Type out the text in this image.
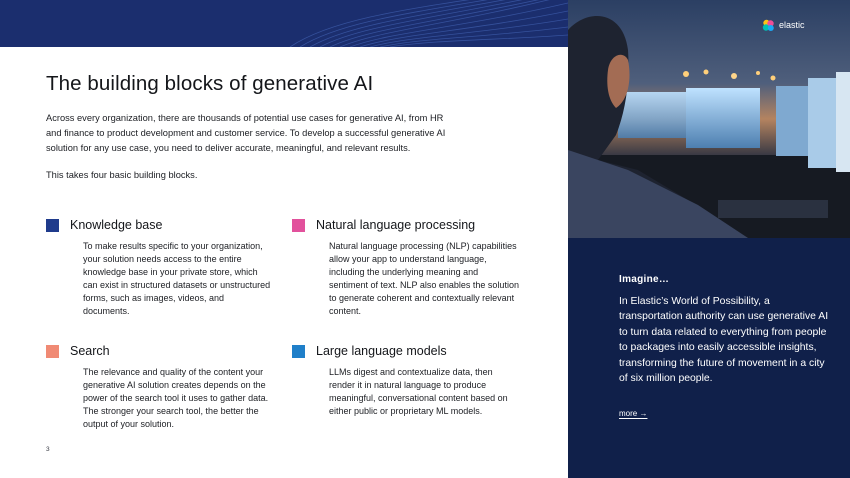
The building blocks of generative AI

Across every organization, there are thousands of potential use cases for generative AI, from HR and finance to product development and customer service. To develop a successful generative AI solution for any use case, you need to deliver accurate, meaningful, and relevant results.

This takes four basic building blocks.

Knowledge base

To make results specific to your organization, your solution needs access to the entire knowledge base in your private store, which can exist in structured datasets or unstructured forms, such as images, videos, and documents.

Natural language processing

Natural language processing (NLP) capabilities allow your app to understand language, including the underlying meaning and sentiment of text. NLP also enables the solution to generate coherent and contextually relevant content.

Search

The relevance and quality of the content your generative AI solution creates depends on the power of the search tool it uses to gather data. The stronger your search tool, the better the output of your solution.

Large language models

LLMs digest and contextualize data, then render it in natural language to produce meaningful, conversational content based on either public or proprietary ML models.

3
elastic
Imagine…

In Elastic’s World of Possibility, a transportation authority can use generative AI to turn data related to everything from people to packages into easily accessible insights, transforming the future of movement in a city of six million people.

more →
